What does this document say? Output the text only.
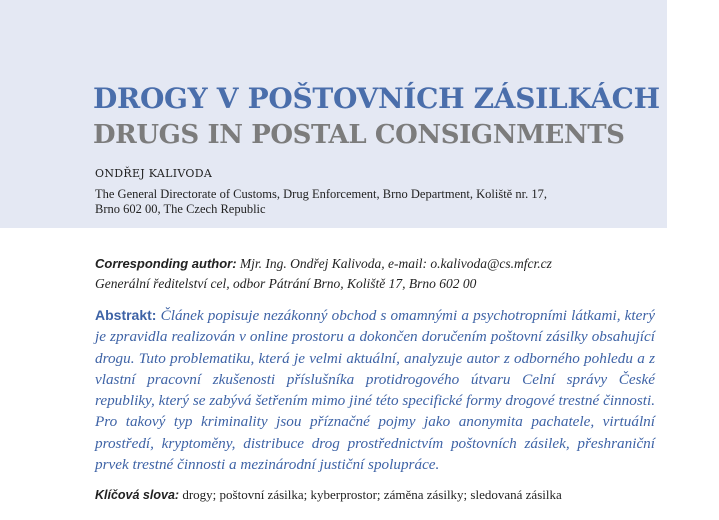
DROGY V POŠTOVNÍCH ZÁSILKÁCH
DRUGS IN POSTAL CONSIGNMENTS
ONDŘEJ KALIVODA
The General Directorate of Customs, Drug Enforcement, Brno Department, Koliště nr. 17,
Brno 602 00, The Czech Republic
Corresponding author: Mjr. Ing. Ondřej Kalivoda, e-mail: o.kalivoda@cs.mfcr.cz
Generální ředitelství cel, odbor Pátrání Brno, Koliště 17, Brno 602 00

Abstrakt: Článek popisuje nezákonný obchod s omamnými a psychotropními látkami, který je zpravidla realizován v online prostoru a dokončen doručením poštovní zásilky obsahující drogu. Tuto problematiku, která je velmi aktuální, analyzuje autor z odborného pohledu a z vlastní pracovní zkušenosti příslušníka protidrogového útvaru Celní správy České republiky, který se zabývá šetřením mimo jiné této specifické formy drogové trestné činnosti. Pro takový typ kriminality jsou příznačné pojmy jako anonymita pachatele, virtuální prostředí, kryptoměny, distribuce drog prostřednictvím poštovních zásilek, přeshraniční prvek trestné činnosti a mezinárodní justiční spolupráce.

Klíčová slova: drogy; poštovní zásilka; kyberprostor; záměna zásilky; sledovaná zásilka
